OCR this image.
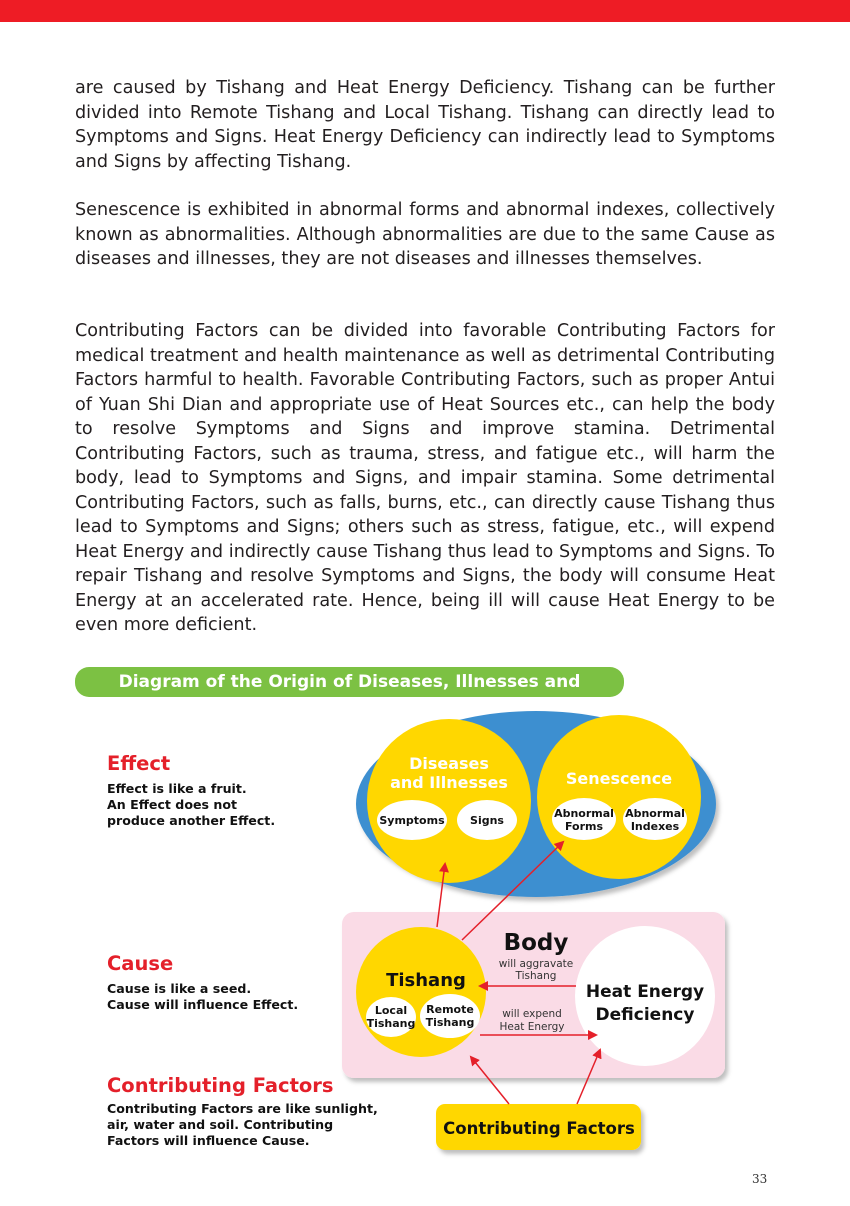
are caused by Tishang and Heat Energy Deficiency. Tishang can be further divided into Remote Tishang and Local Tishang. Tishang can directly lead to Symptoms and Signs. Heat Energy Deficiency can indirectly lead to Symptoms and Signs by affecting Tishang.

Senescence is exhibited in abnormal forms and abnormal indexes, collectively known as abnormalities. Although abnormalities are due to the same Cause as diseases and illnesses, they are not diseases and illnesses themselves.

Contributing Factors can be divided into favorable Contributing Factors for medical treatment and health maintenance as well as detrimental Contributing Factors harmful to health. Favorable Contributing Factors, such as proper Antui of Yuan Shi Dian and appropriate use of Heat Sources etc., can help the body to resolve Symptoms and Signs and improve stamina. Detrimental Contributing Factors, such as trauma, stress, and fatigue etc., will harm the body, lead to Symptoms and Signs, and impair stamina. Some detrimental Contributing Factors, such as falls, burns, etc., can directly cause Tishang thus lead to Symptoms and Signs; others such as stress, fatigue, etc., will expend Heat Energy and indirectly cause Tishang thus lead to Symptoms and Signs. To repair Tishang and resolve Symptoms and Signs, the body will consume Heat Energy at an accelerated rate. Hence, being ill will cause Heat Energy to be even more deficient.

Diagram of the Origin of Diseases, Illnesses and Senescence

Effect

Effect is like a fruit.

An Effect does not

produce another Effect.

Cause

Cause is like a seed.

Cause will influence Effect.

Contributing Factors

Contributing Factors are like sunlight,

air, water and soil. Contributing

Factors will influence Cause.

Diseases
and Illnesses
Symptoms Signs
Senescence
Abnormal
Forms
Abnormal
Indexes
Body
Tishang
Local
Tishang
Remote
Tishang
Heat Energy
Deficiency
will aggravate
Tishang
will expend
Heat Energy
Contributing Factors
33
